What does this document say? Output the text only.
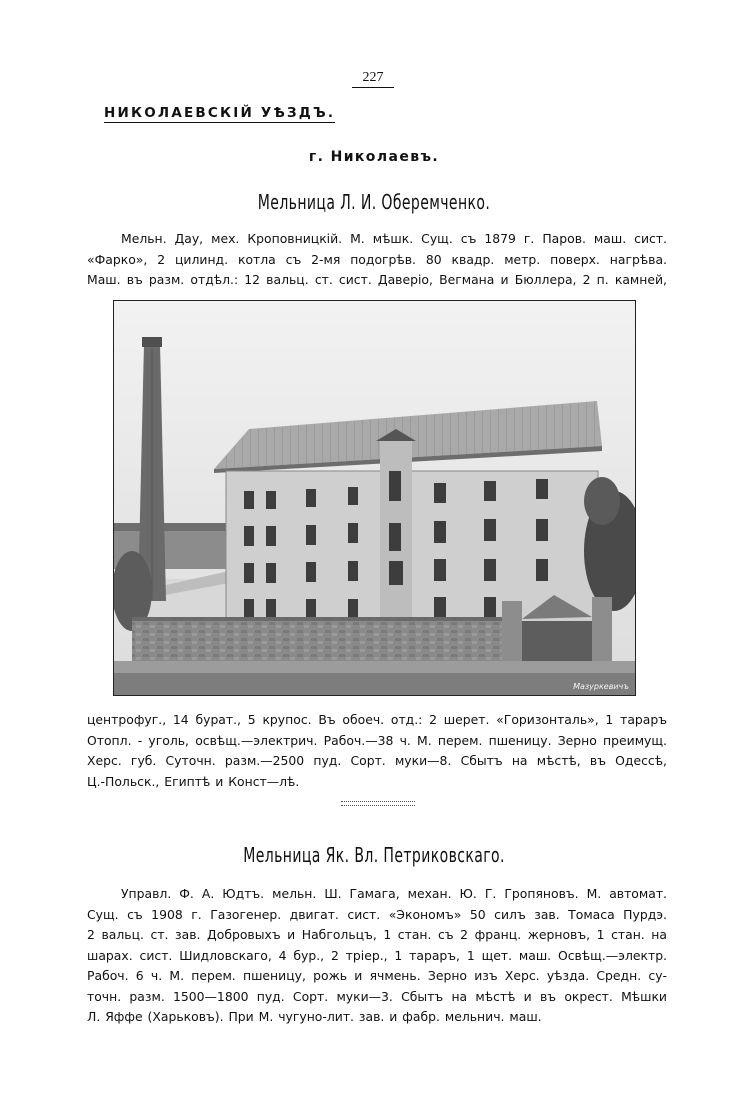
227
НИКОЛАЕВСКІЙ УѢЗДЪ.
г. Николаевъ.
Мельница Л. И. Оберемченко.
Мельн. Дау, мех. Кроповницкій. М. мѣшк. Сущ. съ 1879 г. Паров. маш. сист.
«Фарко», 2 цилинд. котла съ 2-мя подогрѣв. 80 квадр. метр. поверх. нагрѣва.
Маш. въ разм. отдѣл.: 12 вальц. ст. сист. Даверіо, Вегмана и Бюллера, 2 п. камней,
Мазуркевичъ
центрофуг., 14 бурат., 5 крупос. Въ обоеч. отд.: 2 шерет. «Горизонталь», 1 тараръ
Отопл. - уголь, освѣщ.—электрич. Рабоч.—38 ч. М. перем. пшеницу. Зерно преимущ.
Херс. губ. Суточн. разм.—2500 пуд. Сорт. муки—8. Сбытъ на мѣстѣ, въ Одессѣ,
Ц.-Польск., Египтѣ и Конст—лѣ.
Мельница Як. Вл. Петриковскаго.
Управл. Ф. А. Юдтъ. мельн. Ш. Гамага, механ. Ю. Г. Гропяновъ. М. автомат.
Сущ. съ 1908 г. Газогенер. двигат. сист. «Экономъ» 50 силъ зав. Томаса Пурдэ.
2 вальц. ст. зав. Добровыхъ и Набгольцъ, 1 стан. съ 2 франц. жерновъ, 1 стан. на
шарах. сист. Шидловскаго, 4 бур., 2 тріер., 1 тараръ, 1 щет. маш. Освѣщ.—электр.
Рабоч. 6 ч. М. перем. пшеницу, рожь и ячмень. Зерно изъ Херс. уѣзда. Средн. су-
точн. разм. 1500—1800 пуд. Сорт. муки—3. Сбытъ на мѣстѣ и въ окрест. Мѣшки
Л. Яффе (Харьковъ). При М. чугуно-лит. зав. и фабр. мельнич. маш.
